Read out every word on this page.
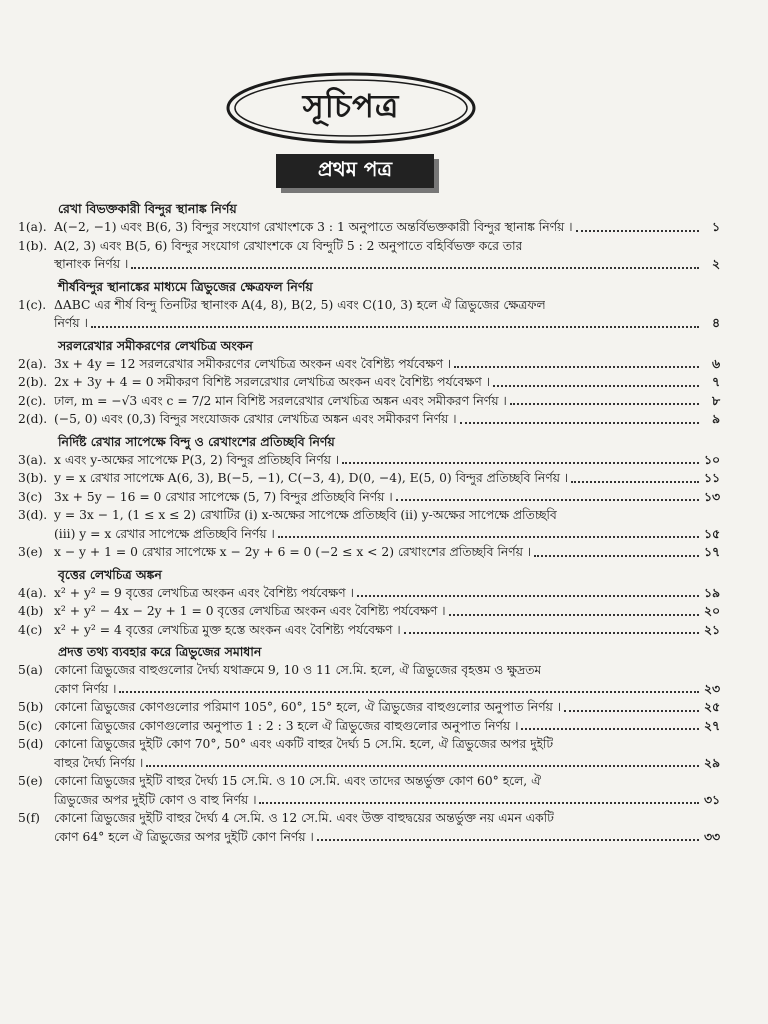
সূচিপত্র
প্রথম পত্র
রেখা বিভক্তকারী বিন্দুর স্থানাঙ্ক নির্ণয়
1(a). A(−2, −1) এবং B(6, 3) বিন্দুর সংযোগ রেখাংশকে 3 : 1 অনুপাতে অন্তর্বিভক্তকারী বিন্দুর স্থানাঙ্ক নির্ণয় ।	১
1(b). A(2, 3) এবং B(5, 6) বিন্দুর সংযোগ রেখাংশকে যে বিন্দুটি 5 : 2 অনুপাতে বহির্বিভক্ত করে তার
স্থানাংক নির্ণয় ।	২
শীর্ষবিন্দুর স্থানাঙ্কের মাধ্যমে ত্রিভুজের ক্ষেত্রফল নির্ণয়
1(c). ΔABC এর শীর্ষ বিন্দু তিনটির স্থানাংক A(4, 8), B(2, 5) এবং C(10, 3) হলে ঐ ত্রিভুজের ক্ষেত্রফল
নির্ণয় ।	৪
সরলরেখার সমীকরণের লেখচিত্র অংকন
2(a). 3x + 4y = 12 সরলরেখার সমীকরণের লেখচিত্র অংকন এবং বৈশিষ্ট্য পর্যবেক্ষণ ।	৬
2(b). 2x + 3y + 4 = 0 সমীকরণ বিশিষ্ট সরলরেখার লেখচিত্র অংকন এবং বৈশিষ্ট্য পর্যবেক্ষণ ।	৭
2(c). ঢাল, m = −√3 এবং c = 7/2 মান বিশিষ্ট সরলরেখার লেখচিত্র অঙ্কন এবং সমীকরণ নির্ণয় ।	৮
2(d). (−5, 0) এবং (0,3) বিন্দুর সংযোজক রেখার লেখচিত্র অঙ্কন এবং সমীকরণ নির্ণয় ।	৯
নির্দিষ্ট রেখার সাপেক্ষে বিন্দু ও রেখাংশের প্রতিচ্ছবি নির্ণয়
3(a). x এবং y-অক্ষের সাপেক্ষে P(3, 2) বিন্দুর প্রতিচ্ছবি নির্ণয় ।	১০
3(b). y = x রেখার সাপেক্ষে A(6, 3), B(−5, −1), C(−3, 4), D(0, −4), E(5, 0) বিন্দুর প্রতিচ্ছবি নির্ণয় ।	১১
3(c) 3x + 5y − 16 = 0 রেখার সাপেক্ষে (5, 7) বিন্দুর প্রতিচ্ছবি নির্ণয় ।	১৩
3(d). y = 3x − 1, (1 ≤ x ≤ 2) রেখাটির (i) x-অক্ষের সাপেক্ষে প্রতিচ্ছবি (ii) y-অক্ষের সাপেক্ষে প্রতিচ্ছবি
(iii) y = x রেখার সাপেক্ষে প্রতিচ্ছবি নির্ণয় ।	১৫
3(e) x − y + 1 = 0 রেখার সাপেক্ষে x − 2y + 6 = 0 (−2 ≤ x < 2) রেখাংশের প্রতিচ্ছবি নির্ণয় ।	১৭
বৃত্তের লেখচিত্র অঙ্কন
4(a). x² + y² = 9 বৃত্তের লেখচিত্র অংকন এবং বৈশিষ্ট্য পর্যবেক্ষণ ।	১৯
4(b) x² + y² − 4x − 2y + 1 = 0 বৃত্তের লেখচিত্র অংকন এবং বৈশিষ্ট্য পর্যবেক্ষণ ।	২০
4(c) x² + y² = 4 বৃত্তের লেখচিত্র মুক্ত হস্তে অংকন এবং বৈশিষ্ট্য পর্যবেক্ষণ ।	২১
প্রদত্ত তথ্য ব্যবহার করে ত্রিভুজের সমাধান
5(a) কোনো ত্রিভুজের বাহুগুলোর দৈর্ঘ্য যথাক্রমে 9, 10 ও 11 সে.মি. হলে, ঐ ত্রিভুজের বৃহত্তম ও ক্ষুদ্রতম
কোণ নির্ণয় ।	২৩
5(b) কোনো ত্রিভুজের কোণগুলোর পরিমাণ 105°, 60°, 15° হলে, ঐ ত্রিভুজের বাহুগুলোর অনুপাত নির্ণয় ।	২৫
5(c) কোনো ত্রিভুজের কোণগুলোর অনুপাত 1 : 2 : 3 হলে ঐ ত্রিভুজের বাহুগুলোর অনুপাত নির্ণয় ।	২৭
5(d) কোনো ত্রিভুজের দুইটি কোণ 70°, 50° এবং একটি বাহুর দৈর্ঘ্য 5 সে.মি. হলে, ঐ ত্রিভুজের অপর দুইটি
বাহুর দৈর্ঘ্য নির্ণয় ।	২৯
5(e) কোনো ত্রিভুজের দুইটি বাহুর দৈর্ঘ্য 15 সে.মি. ও 10 সে.মি. এবং তাদের অন্তর্ভুক্ত কোণ 60° হলে, ঐ
ত্রিভুজের অপর দুইটি কোণ ও বাহু নির্ণয় ।	৩১
5(f)	কোনো ত্রিভুজের দুইটি বাহুর দৈর্ঘ্য 4 সে.মি. ও 12 সে.মি. এবং উক্ত বাহুদ্বয়ের অন্তর্ভুক্ত নয় এমন একটি
কোণ 64° হলে ঐ ত্রিভুজের অপর দুইটি কোণ নির্ণয় ।	৩৩
